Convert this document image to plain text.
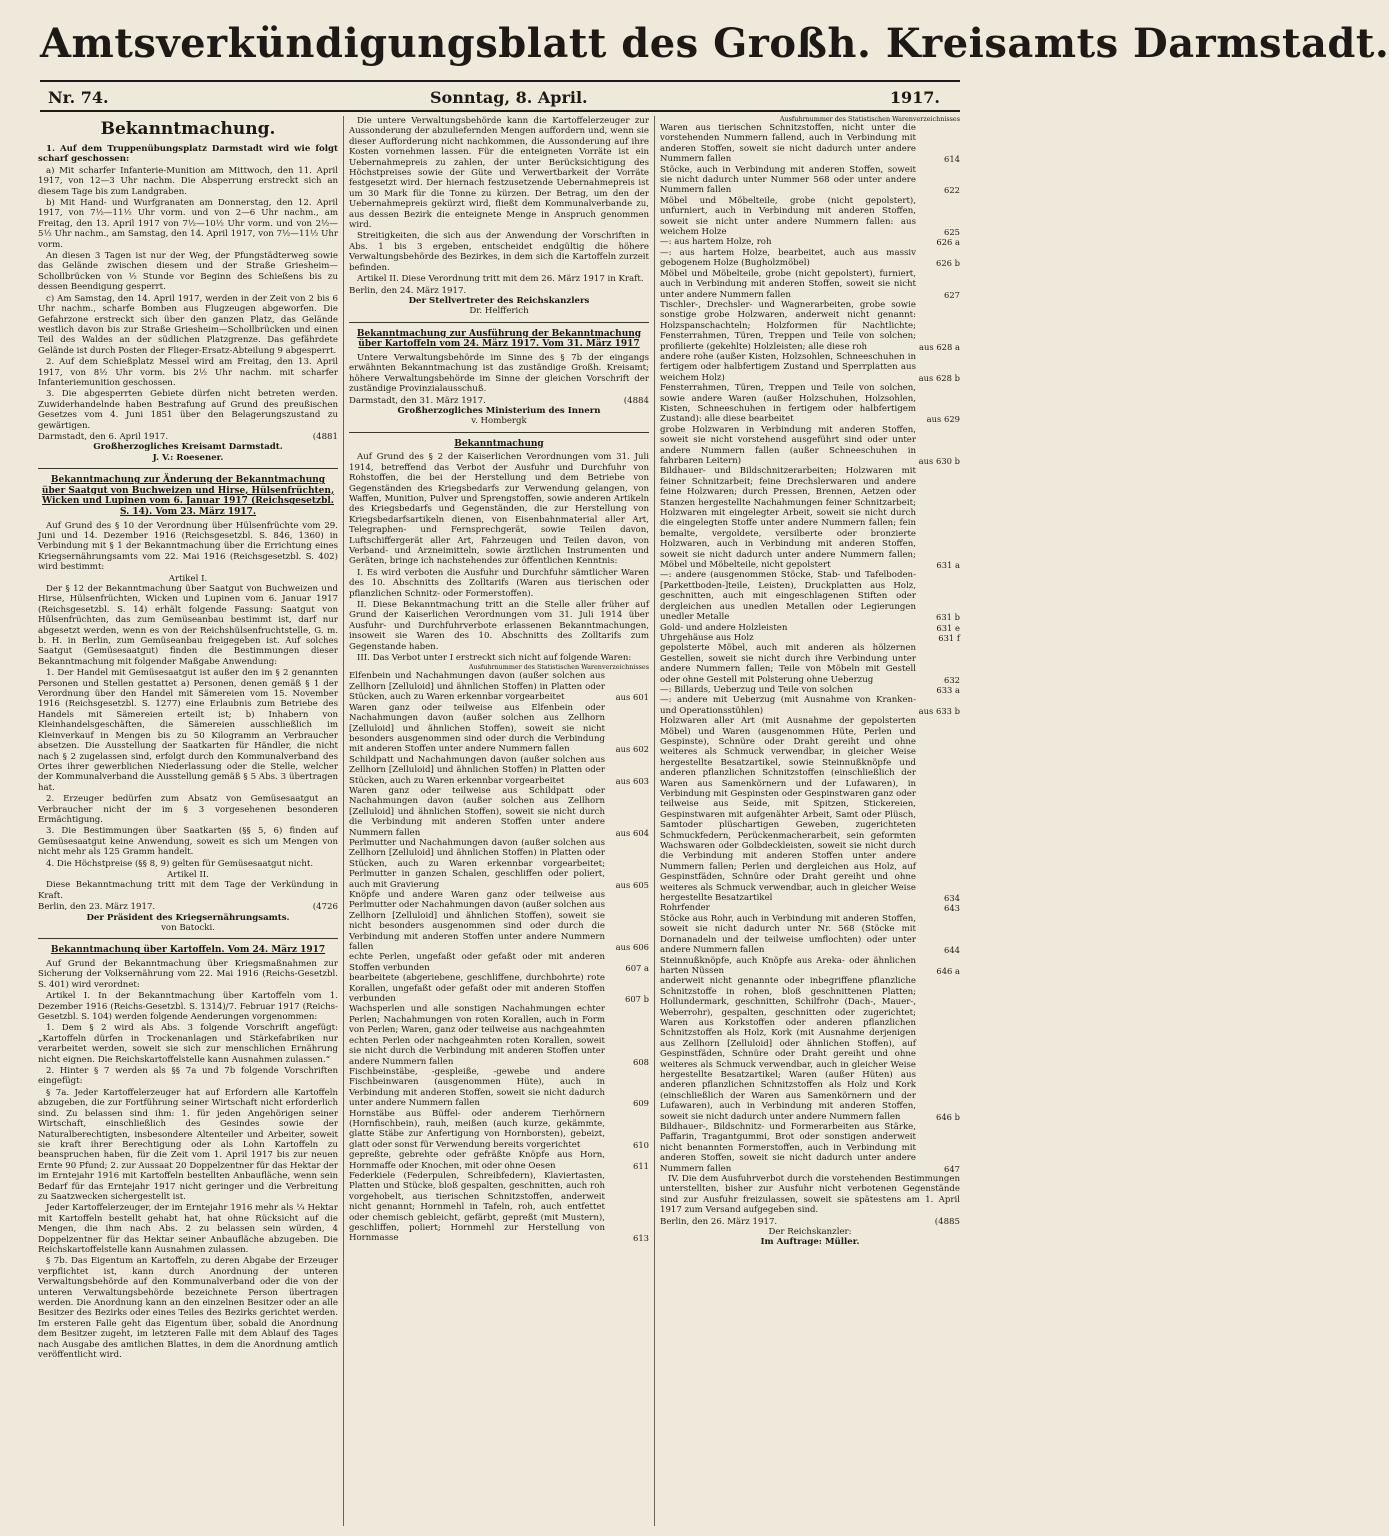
Amtsverkündigungsblatt des Großh. Kreisamts Darmstadt.
Nr. 74.	Sonntag, 8. April.	1917.
Bekanntmachung.

1. Auf dem Truppenübungsplatz Darmstadt wird wie folgt scharf geschossen:

a) Mit scharfer Infanterie-Munition am Mittwoch, den 11. April 1917, von 12—3 Uhr nachm. Die Absperrung erstreckt sich an diesem Tage bis zum Landgraben.

b) Mit Hand- und Wurfgranaten am Donnerstag, den 12. April 1917, von 7½—11½ Uhr vorm. und von 2—6 Uhr nachm., am Freitag, den 13. April 1917 von 7½—10½ Uhr vorm. und von 2½—5½ Uhr nachm., am Samstag, den 14. April 1917, von 7½—11½ Uhr vorm.

An diesen 3 Tagen ist nur der Weg, der Pfungstädterweg sowie das Gelände zwischen diesem und der Straße Griesheim—Schollbrücken von ½ Stunde vor Beginn des Schießens bis zu dessen Beendigung gesperrt.

c) Am Samstag, den 14. April 1917, werden in der Zeit von 2 bis 6 Uhr nachm., scharfe Bomben aus Flugzeugen abgeworfen. Die Gefahrzone erstreckt sich über den ganzen Platz, das Gelände westlich davon bis zur Straße Griesheim—Schollbrücken und einen Teil des Waldes an der südlichen Platzgrenze. Das gefährdete Gelände ist durch Posten der Flieger-Ersatz-Abteilung 9 abgesperrt.

2. Auf dem Schießplatz Messel wird am Freitag, den 13. April 1917, von 8½ Uhr vorm. bis 2½ Uhr nachm. mit scharfer Infanteriemunition geschossen.

3. Die abgesperrten Gebiete dürfen nicht betreten werden. Zuwiderhandelnde haben Bestrafung auf Grund des preußischen Gesetzes vom 4. Juni 1851 über den Belagerungszustand zu gewärtigen.

Darmstadt, den 6. April 1917.	(4881
Großherzogliches Kreisamt Darmstadt.
J. V.: Roesener.
Bekanntmachung zur Änderung der Bekanntmachung über Saatgut von Buchweizen und Hirse, Hülsenfrüchten, Wicken und Lupinen vom 6. Januar 1917 (Reichsgesetzbl. S. 14). Vom 23. März 1917.

Auf Grund des § 10 der Verordnung über Hülsenfrüchte vom 29. Juni und 14. Dezember 1916 (Reichsgesetzbl. S. 846, 1360) in Verbindung mit § 1 der Bekanntmachung über die Errichtung eines Kriegsernährungsamts vom 22. Mai 1916 (Reichsgesetzbl. S. 402) wird bestimmt:

Artikel I.

Der § 12 der Bekanntmachung über Saatgut von Buchweizen und Hirse, Hülsenfrüchten, Wicken und Lupinen vom 6. Januar 1917 (Reichsgesetzbl. S. 14) erhält folgende Fassung: Saatgut von Hülsenfrüchten, das zum Gemüseanbau bestimmt ist, darf nur abgesetzt werden, wenn es von der Reichshülsenfruchtstelle, G. m. b. H. in Berlin, zum Gemüseanbau freigegeben ist. Auf solches Saatgut (Gemüsesaatgut) finden die Bestimmungen dieser Bekanntmachung mit folgender Maßgabe Anwendung:

1. Der Handel mit Gemüsesaatgut ist außer den im § 2 genannten Personen und Stellen gestattet a) Personen, denen gemäß § 1 der Verordnung über den Handel mit Sämereien vom 15. November 1916 (Reichsgesetzbl. S. 1277) eine Erlaubnis zum Betriebe des Handels mit Sämereien erteilt ist; b) Inhabern von Kleinhandelsgeschäften, die Sämereien ausschließlich im Kleinverkauf in Mengen bis zu 50 Kilogramm an Verbraucher absetzen. Die Ausstellung der Saatkarten für Händler, die nicht nach § 2 zugelassen sind, erfolgt durch den Kommunalverband des Ortes ihrer gewerblichen Niederlassung oder die Stelle, welcher der Kommunalverband die Ausstellung gemäß § 5 Abs. 3 übertragen hat.

2. Erzeuger bedürfen zum Absatz von Gemüsesaatgut an Verbraucher nicht der im § 3 vorgesehenen besonderen Ermächtigung.

3. Die Bestimmungen über Saatkarten (§§ 5, 6) finden auf Gemüsesaatgut keine Anwendung, soweit es sich um Mengen von nicht mehr als 125 Gramm handelt.

4. Die Höchstpreise (§§ 8, 9) gelten für Gemüsesaatgut nicht.

Artikel II.

Diese Bekanntmachung tritt mit dem Tage der Verkündung in Kraft.

Berlin, den 23. März 1917.	(4726
Der Präsident des Kriegsernährungsamts.
von Batocki.
Bekanntmachung über Kartoffeln. Vom 24. März 1917

Auf Grund der Bekanntmachung über Kriegsmaßnahmen zur Sicherung der Volksernährung vom 22. Mai 1916 (Reichs-Gesetzbl. S. 401) wird verordnet:

Artikel I. In der Bekanntmachung über Kartoffeln vom 1. Dezember 1916 (Reichs-Gesetzbl. S. 1314)/7. Februar 1917 (Reichs-Gesetzbl. S. 104) werden folgende Aenderungen vorgenommen:

1. Dem § 2 wird als Abs. 3 folgende Vorschrift angefügt: „Kartoffeln dürfen in Trockenanlagen und Stärkefabriken nur verarbeitet werden, soweit sie sich zur menschlichen Ernährung nicht eignen. Die Reichskartoffelstelle kann Ausnahmen zulassen.“

2. Hinter § 7 werden als §§ 7a und 7b folgende Vorschriften eingefügt:

§ 7a. Jeder Kartoffelerzeuger hat auf Erfordern alle Kartoffeln abzugeben, die zur Fortführung seiner Wirtschaft nicht erforderlich sind. Zu belassen sind ihm: 1. für jeden Angehörigen seiner Wirtschaft, einschließlich des Gesindes sowie der Naturalberechtigten, insbesondere Altenteiler und Arbeiter, soweit sie kraft ihrer Berechtigung oder als Lohn Kartoffeln zu beanspruchen haben, für die Zeit vom 1. April 1917 bis zur neuen Ernte 90 Pfund; 2. zur Aussaat 20 Doppelzentner für das Hektar der im Erntejahr 1916 mit Kartoffeln bestellten Anbaufläche, wenn sein Bedarf für das Erntejahr 1917 nicht geringer und die Verbreitung zu Saatzwecken sichergestellt ist.

Jeder Kartoffelerzeuger, der im Erntejahr 1916 mehr als ¼ Hektar mit Kartoffeln bestellt gehabt hat, hat ohne Rücksicht auf die Mengen, die ihm nach Abs. 2 zu belassen sein würden, 4 Doppelzentner für das Hektar seiner Anbaufläche abzugeben. Die Reichskartoffelstelle kann Ausnahmen zulassen.

§ 7b. Das Eigentum an Kartoffeln, zu deren Abgabe der Erzeuger verpflichtet ist, kann durch Anordnung der unteren Verwaltungsbehörde auf den Kommunalverband oder die von der unteren Verwaltungsbehörde bezeichnete Person übertragen werden. Die Anordnung kann an den einzelnen Besitzer oder an alle Besitzer des Bezirks oder eines Teiles des Bezirks gerichtet werden. Im ersteren Falle geht das Eigentum über, sobald die Anordnung dem Besitzer zugeht, im letzteren Falle mit dem Ablauf des Tages nach Ausgabe des amtlichen Blattes, in dem die Anordnung amtlich veröffentlicht wird.

Die untere Verwaltungsbehörde kann die Kartoffelerzeuger zur Aussonderung der abzuliefernden Mengen auffordern und, wenn sie dieser Aufforderung nicht nachkommen, die Aussonderung auf ihre Kosten vornehmen lassen. Für die enteigneten Vorräte ist ein Uebernahmepreis zu zahlen, der unter Berücksichtigung des Höchstpreises sowie der Güte und Verwertbarkeit der Vorräte festgesetzt wird. Der hiernach festzusetzende Uebernahmepreis ist um 30 Mark für die Tonne zu kürzen. Der Betrag, um den der Uebernahmepreis gekürzt wird, fließt dem Kommunalverbande zu, aus dessen Bezirk die enteignete Menge in Anspruch genommen wird.

Streitigkeiten, die sich aus der Anwendung der Vorschriften in Abs. 1 bis 3 ergeben, entscheidet endgültig die höhere Verwaltungsbehörde des Bezirkes, in dem sich die Kartoffeln zurzeit befinden.

Artikel II. Diese Verordnung tritt mit dem 26. März 1917 in Kraft.

Berlin, den 24. März 1917.
Der Stellvertreter des Reichskanzlers
Dr. Helfferich
Bekanntmachung zur Ausführung der Bekanntmachung über Kartoffeln vom 24. März 1917. Vom 31. März 1917

Untere Verwaltungsbehörde im Sinne des § 7b der eingangs erwähnten Bekanntmachung ist das zuständige Großh. Kreisamt; höhere Verwaltungsbehörde im Sinne der gleichen Vorschrift der zuständige Provinzialausschuß.

Darmstadt, den 31. März 1917.	(4884
Großherzogliches Ministerium des Innern
v. Hombergk
Bekanntmachung

Auf Grund des § 2 der Kaiserlichen Verordnungen vom 31. Juli 1914, betreffend das Verbot der Ausfuhr und Durchfuhr von Rohstoffen, die bei der Herstellung und dem Betriebe von Gegenständen des Kriegsbedarfs zur Verwendung gelangen, von Waffen, Munition, Pulver und Sprengstoffen, sowie anderen Artikeln des Kriegsbedarfs und Gegenständen, die zur Herstellung von Kriegsbedarfsartikeln dienen, von Eisenbahnmaterial aller Art, Telegraphen- und Fernsprechgerät, sowie Teilen davon, Luftschiffergerät aller Art, Fahrzeugen und Teilen davon, von Verband- und Arzneimitteln, sowie ärztlichen Instrumenten und Geräten, bringe ich nachstehendes zur öffentlichen Kenntnis:

I. Es wird verboten die Ausfuhr und Durchfuhr sämtlicher Waren des 10. Abschnitts des Zolltarifs (Waren aus tierischen oder pflanzlichen Schnitz- oder Formerstoffen).

II. Diese Bekanntmachung tritt an die Stelle aller früher auf Grund der Kaiserlichen Verordnungen vom 31. Juli 1914 über Ausfuhr- und Durchfuhrverbote erlassenen Bekanntmachungen, insoweit sie Waren des 10. Abschnitts des Zolltarifs zum Gegenstande haben.

III. Das Verbot unter I erstreckt sich nicht auf folgende Waren:

Ausfuhrnummer des Statistischen Warenverzeichnisses
Elfenbein und Nachahmungen davon (außer solchen aus Zellhorn [Zelluloid] und ähnlichen Stoffen) in Platten oder Stücken, auch zu Waren erkennbar vorgearbeitet	aus 601
Waren ganz oder teilweise aus Elfenbein oder Nachahmungen davon (außer solchen aus Zellhorn [Zelluloid] und ähnlichen Stoffen), soweit sie nicht besonders ausgenommen sind oder durch die Verbindung mit anderen Stoffen unter andere Nummern fallen	aus 602
Schildpatt und Nachahmungen davon (außer solchen aus Zellhorn [Zelluloid] und ähnlichen Stoffen) in Platten oder Stücken, auch zu Waren erkennbar vorgearbeitet	aus 603
Waren ganz oder teilweise aus Schildpatt oder Nachahmungen davon (außer solchen aus Zellhorn [Zelluloid] und ähnlichen Stoffen), soweit sie nicht durch die Verbindung mit anderen Stoffen unter andere Nummern fallen	aus 604
Perlmutter und Nachahmungen davon (außer solchen aus Zellhorn [Zelluloid] und ähnlichen Stoffen) in Platten oder Stücken, auch zu Waren erkennbar vorgearbeitet; Perlmutter in ganzen Schalen, geschliffen oder poliert, auch mit Gravierung	aus 605
Knöpfe und andere Waren ganz oder teilweise aus Perlmutter oder Nachahmungen davon (außer solchen aus Zellhorn [Zelluloid] und ähnlichen Stoffen), soweit sie nicht besonders ausgenommen sind oder durch die Verbindung mit anderen Stoffen unter andere Nummern fallen	aus 606
echte Perlen, ungefaßt oder gefaßt oder mit anderen Stoffen verbunden	607 a
bearbeitete (abgeriebene, geschliffene, durchbohrte) rote Korallen, ungefaßt oder gefaßt oder mit anderen Stoffen verbunden	607 b
Wachsperlen und alle sonstigen Nachahmungen echter Perlen; Nachahmungen von roten Korallen, auch in Form von Perlen; Waren, ganz oder teilweise aus nachgeahmten echten Perlen oder nachgeahmten roten Korallen, soweit sie nicht durch die Verbindung mit anderen Stoffen unter andere Nummern fallen	608
Fischbeinstäbe, -gespleiße, -gewebe und andere Fischbeinwaren (ausgenommen Hüte), auch in Verbindung mit anderen Stoffen, soweit sie nicht dadurch unter andere Nummern fallen	609
Hornstäbe aus Büffel- oder anderem Tierhörnern (Hornfischbein), rauh, meißen (auch kurze, gekämmte, glatte Stäbe zur Anfertigung von Hornborsten), gebeizt, glatt oder sonst für Verwendung bereits vorgerichtet	610
gepreßte, gebrehte oder gefräßte Knöpfe aus Horn, Hornmaffe oder Knochen, mit oder ohne Oesen	611
Federkiele (Federpulen, Schreibfedern), Klaviertasten, Platten und Stücke, bloß gespalten, geschnitten, auch roh vorgehobelt, aus tierischen Schnitzstoffen, anderweit nicht genannt; Hornmehl in Tafeln, roh, auch entfettet oder chemisch gebleicht, gefärbt, gepreßt (mit Mustern), geschliffen, poliert; Hornmehl zur Herstellung von Hornmasse	613
Ausfuhrnummer des Statistischen Warenverzeichnisses
Waren aus tierischen Schnitzstoffen, nicht unter die vorstehenden Nummern fallend, auch in Verbindung mit anderen Stoffen, soweit sie nicht dadurch unter andere Nummern fallen	614
Stöcke, auch in Verbindung mit anderen Stoffen, soweit sie nicht dadurch unter Nummer 568 oder unter andere Nummern fallen	622
Möbel und Möbelteile, grobe (nicht gepolstert), unfurniert, auch in Verbindung mit anderen Stoffen, soweit sie nicht unter andere Nummern fallen: aus weichem Holze	625
—: aus hartem Holze, roh	626 a
—: aus hartem Holze, bearbeitet, auch aus massiv gebogenem Holze (Bugholzmöbel)	626 b
Möbel und Möbelteile, grobe (nicht gepolstert), furniert, auch in Verbindung mit anderen Stoffen, soweit sie nicht unter andere Nummern fallen	627
Tischler-, Drechsler- und Wagnerarbeiten, grobe sowie sonstige grobe Holzwaren, anderweit nicht genannt: Holzspanschachteln; Holzformen für Nachtlichte; Fensterrahmen, Türen, Treppen und Teile von solchen; profilierte (gekehlte) Holzleisten; alle diese roh	aus 628 a
andere rohe (außer Kisten, Holzsohlen, Schneeschuhen in fertigem oder halbfertigem Zustand und Sperrplatten aus weichem Holz)	aus 628 b
Fensterrahmen, Türen, Treppen und Teile von solchen, sowie andere Waren (außer Holzschuhen, Holzsohlen, Kisten, Schneeschuhen in fertigem oder halbfertigem Zustand): alle diese bearbeitet	aus 629
grobe Holzwaren in Verbindung mit anderen Stoffen, soweit sie nicht vorstehend ausgeführt sind oder unter andere Nummern fallen (außer Schneeschuhen in fahrbaren Leitern)	aus 630 b
Bildhauer- und Bildschnitzerarbeiten; Holzwaren mit feiner Schnitzarbeit; feine Drechslerwaren und andere feine Holzwaren; durch Pressen, Brennen, Aetzen oder Stanzen hergestellte Nachahmungen feiner Schnitzarbeit; Holzwaren mit eingelegter Arbeit, soweit sie nicht durch die eingelegten Stoffe unter andere Nummern fallen; fein bemalte, vergoldete, versilberte oder bronzierte Holzwaren, auch in Verbindung mit anderen Stoffen, soweit sie nicht dadurch unter andere Nummern fallen; Möbel und Möbelteile, nicht gepolstert	631 a
—: andere (ausgenommen Stöcke, Stab- und Tafelboden-[Parkettboden-]teile, Leisten), Druckplatten aus Holz, geschnitten, auch mit eingeschlagenen Stiften oder dergleichen aus unedlen Metallen oder Legierungen unedler Metalle	631 b
Gold- und andere Holzleisten	631 e
Uhrgehäuse aus Holz	631 f
gepolsterte Möbel, auch mit anderen als hölzernen Gestellen, soweit sie nicht durch ihre Verbindung unter andere Nummern fallen; Teile von Möbeln mit Gestell oder ohne Gestell mit Polsterung ohne Ueberzug	632
—: Billards, Ueberzug und Teile von solchen	633 a
—: andere mit Ueberzug (mit Ausnahme von Kranken- und Operationsstühlen)	aus 633 b
Holzwaren aller Art (mit Ausnahme der gepolsterten Möbel) und Waren (ausgenommen Hüte, Perlen und Gespinste), Schnüre oder Draht gereiht und ohne weiteres als Schmuck verwendbar, in gleicher Weise hergestellte Besatzartikel, sowie Steinnußknöpfe und anderen pflanzlichen Schnitzstoffen (einschließlich der Waren aus Samenkörnern und der Lufawaren), in Verbindung mit Gespinsten oder Gespinstwaren ganz oder teilweise aus Seide, mit Spitzen, Stickereien, Gespinstwaren mit aufgenähter Arbeit, Samt oder Plüsch, Samtoder plüschartigen Geweben, zugerichteten Schmuckfedern, Perückenmacherarbeit, sein geformten Wachswaren oder Golbdeckleisten, soweit sie nicht durch die Verbindung mit anderen Stoffen unter andere Nummern fallen; Perlen und dergleichen aus Holz, auf Gespinstfäden, Schnüre oder Draht gereiht und ohne weiteres als Schmuck verwendbar, auch in gleicher Weise hergestellte Besatzartikel	634
Rohrfender	643
Stöcke aus Rohr, auch in Verbindung mit anderen Stoffen, soweit sie nicht dadurch unter Nr. 568 (Stöcke mit Dornanadeln und der teilweise umflochten) oder unter andere Nummern fallen	644
Steinnußknöpfe, auch Knöpfe aus Areka- oder ähnlichen harten Nüssen	646 a
anderweit nicht genannte oder inbegriffene pflanzliche Schnitzstoffe in rohen, bloß geschnittenen Platten; Hollundermark, geschnitten, Schilfrohr (Dach-, Mauer-, Weberrohr), gespalten, geschnitten oder zugerichtet; Waren aus Korkstoffen oder anderen pflanzlichen Schnitzstoffen als Holz, Kork (mit Ausnahme derjenigen aus Zellhorn [Zelluloid] oder ähnlichen Stoffen), auf Gespinstfäden, Schnüre oder Draht gereiht und ohne weiteres als Schmuck verwendbar, auch in gleicher Weise hergestellte Besatzartikel; Waren (außer Hüten) aus anderen pflanzlichen Schnitzstoffen als Holz und Kork (einschließlich der Waren aus Samenkörnern und der Lufawaren), auch in Verbindung mit anderen Stoffen, soweit sie nicht dadurch unter andere Nummern fallen	646 b
Bildhauer-, Bildschnitz- und Formerarbeiten aus Stärke, Paffarin, Tragantgummi, Brot oder sonstigen anderweit nicht benannten Formerstoffen, auch in Verbindung mit anderen Stoffen, soweit sie nicht dadurch unter andere Nummern fallen	647

IV. Die dem Ausfuhrverbot durch die vorstehenden Bestimmungen unterstellten, bisher zur Ausfuhr nicht verbotenen Gegenstände sind zur Ausfuhr freizulassen, soweit sie spätestens am 1. April 1917 zum Versand aufgegeben sind.

Berlin, den 26. März 1917.	(4885
Der Reichskanzler:
Im Auftrage: Müller.
